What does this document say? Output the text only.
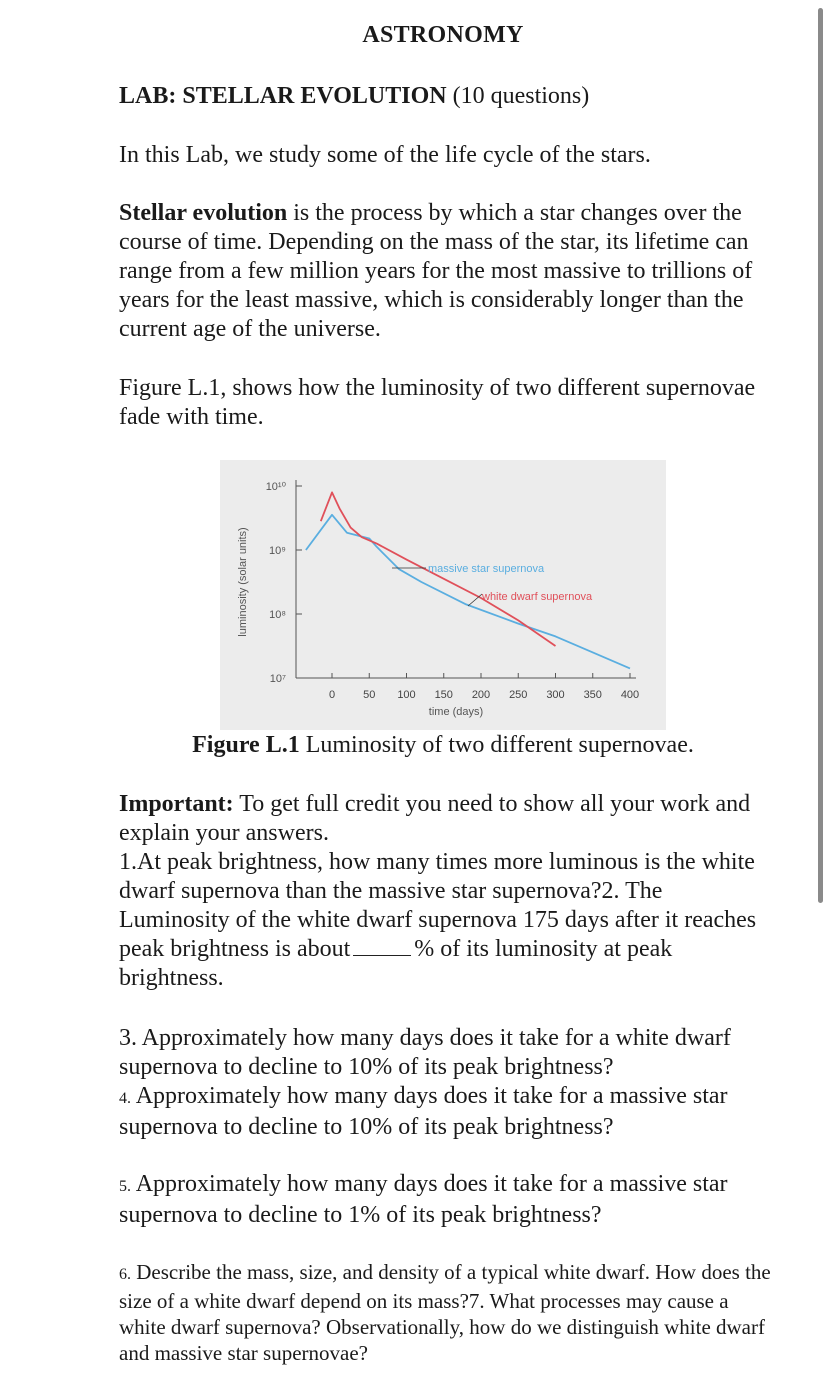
ASTRONOMY
LAB: STELLAR EVOLUTION (10 questions)
In this Lab, we study some of the life cycle of the stars.
Stellar evolution is the process by which a star changes over the course of time. Depending on the mass of the star, its lifetime can range from a few million years for the most massive to trillions of years for the least massive, which is considerably longer than the current age of the universe.
Figure L.1, shows how the luminosity of two different supernovae fade with time.
10¹⁰
10⁹
10⁸
10⁷
0	50 100 150 200 250 300 350 400
time (days)
luminosity (solar units)	massive star supernova
white dwarf supernova
Figure L.1 Luminosity of two different supernovae.
Important: To get full credit you need to show all your work and explain your answers.
1.At peak brightness, how many times more luminous is the white dwarf supernova than the massive star supernova?2. The Luminosity of the white dwarf supernova 175 days after it reaches peak brightness is about	% of its luminosity at peak brightness.
3. Approximately how many days does it take for a white dwarf supernova to decline to 10% of its peak brightness?
4. Approximately how many days does it take for a massive star supernova to decline to 10% of its peak brightness?
5. Approximately how many days does it take for a massive star supernova to decline to 1% of its peak brightness?
6. Describe the mass, size, and density of a typical white dwarf. How does the size of a white dwarf depend on its mass?7. What processes may cause a white dwarf supernova? Observationally, how do we distinguish white dwarf and massive star supernovae?
